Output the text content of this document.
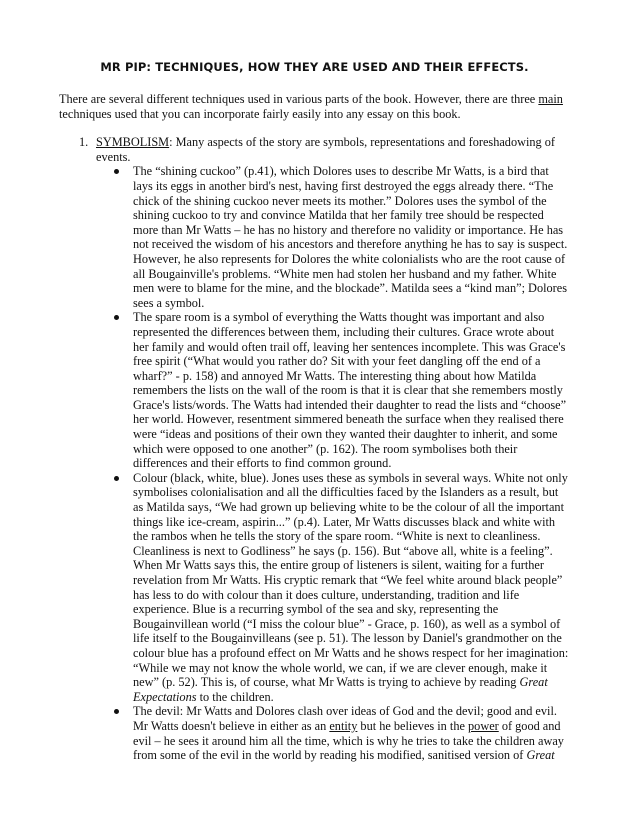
MR PIP: TECHNIQUES, HOW THEY ARE USED AND THEIR EFFECTS.

There are several different techniques used in various parts of the book. However, there are three main techniques used that you can incorporate fairly easily into any essay on this book.

1. SYMBOLISM: Many aspects of the story are symbols, representations and foreshadowing of events.
The “shining cuckoo” (p.41), which Dolores uses to describe Mr Watts, is a bird that lays its eggs in another bird's nest, having first destroyed the eggs already there. “The chick of the shining cuckoo never meets its mother.” Dolores uses the symbol of the shining cuckoo to try and convince Matilda that her family tree should be respected more than Mr Watts – he has no history and therefore no validity or importance. He has not received the wisdom of his ancestors and therefore anything he has to say is suspect. However, he also represents for Dolores the white colonialists who are the root cause of all Bougainville's problems. “White men had stolen her husband and my father. White men were to blame for the mine, and the blockade”. Matilda sees a “kind man”; Dolores sees a symbol.
The spare room is a symbol of everything the Watts thought was important and also represented the differences between them, including their cultures. Grace wrote about her family and would often trail off, leaving her sentences incomplete. This was Grace's free spirit (“What would you rather do? Sit with your feet dangling off the end of a wharf?” - p. 158) and annoyed Mr Watts. The interesting thing about how Matilda remembers the lists on the wall of the room is that it is clear that she remembers mostly Grace's lists/words. The Watts had intended their daughter to read the lists and “choose” her world. However, resentment simmered beneath the surface when they realised there were “ideas and positions of their own they wanted their daughter to inherit, and some which were opposed to one another” (p. 162). The room symbolises both their differences and their efforts to find common ground.
Colour (black, white, blue). Jones uses these as symbols in several ways. White not only symbolises colonialisation and all the difficulties faced by the Islanders as a result, but as Matilda says, “We had grown up believing white to be the colour of all the important things like ice-cream, aspirin...” (p.4). Later, Mr Watts discusses black and white with the rambos when he tells the story of the spare room. “White is next to cleanliness. Cleanliness is next to Godliness” he says (p. 156). But “above all, white is a feeling”. When Mr Watts says this, the entire group of listeners is silent, waiting for a further revelation from Mr Watts. His cryptic remark that “We feel white around black people” has less to do with colour than it does culture, understanding, tradition and life experience. Blue is a recurring symbol of the sea and sky, representing the Bougainvillean world (“I miss the colour blue” - Grace, p. 160), as well as a symbol of life itself to the Bougainvilleans (see p. 51). The lesson by Daniel's grandmother on the colour blue has a profound effect on Mr Watts and he shows respect for her imagination: “While we may not know the whole world, we can, if we are clever enough, make it new” (p. 52). This is, of course, what Mr Watts is trying to achieve by reading Great Expectations to the children.
The devil: Mr Watts and Dolores clash over ideas of God and the devil; good and evil. Mr Watts doesn't believe in either as an entity but he believes in the power of good and evil – he sees it around him all the time, which is why he tries to take the children away from some of the evil in the world by reading his modified, sanitised version of Great
